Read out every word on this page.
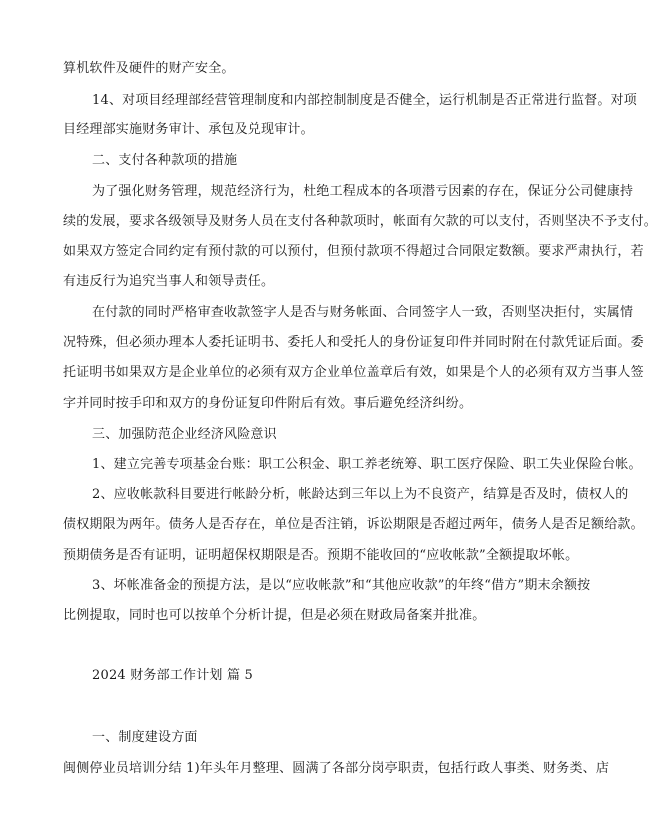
算机软件及硬件的财产安全。
14、对项目经理部经营管理制度和内部控制制度是否健全，运行机制是否正常进行监督。对项
目经理部实施财务审计、承包及兑现审计。
二、支付各种款项的措施
为了强化财务管理，规范经济行为，杜绝工程成本的各项潜亏因素的存在，保证分公司健康持
续的发展，要求各级领导及财务人员在支付各种款项时，帐面有欠款的可以支付，否则坚决不予支付。
如果双方签定合同约定有预付款的可以预付，但预付款项不得超过合同限定数额。要求严肃执行，若
有违反行为追究当事人和领导责任。
在付款的同时严格审查收款签字人是否与财务帐面、合同签字人一致，否则坚决拒付，实属情
况特殊，但必须办理本人委托证明书、委托人和受托人的身份证复印件并同时附在付款凭证后面。委
托证明书如果双方是企业单位的必须有双方企业单位盖章后有效，如果是个人的必须有双方当事人签
字并同时按手印和双方的身份证复印件附后有效。事后避免经济纠纷。
三、加强防范企业经济风险意识
1、建立完善专项基金台账：职工公积金、职工养老统筹、职工医疗保险、职工失业保险台帐。
2、应收帐款科目要进行帐龄分析，帐龄达到三年以上为不良资产，结算是否及时，债权人的
债权期限为两年。债务人是否存在，单位是否注销，诉讼期限是否超过两年，债务人是否足额给款。
预期债务是否有证明，证明超保权期限是否。预期不能收回的“应收帐款”全额提取坏帐。
3、坏帐准备金的预提方法，是以“应收帐款”和“其他应收款”的年终“借方”期末余额按
比例提取，同时也可以按单个分析计提，但是必须在财政局备案并批准。
2024 财务部工作计划 篇 5
一、制度建设方面
闽侧停业员培训分结 1)年头年月整理、圆满了各部分岗亭职责，包括行政人事类、财务类、店
